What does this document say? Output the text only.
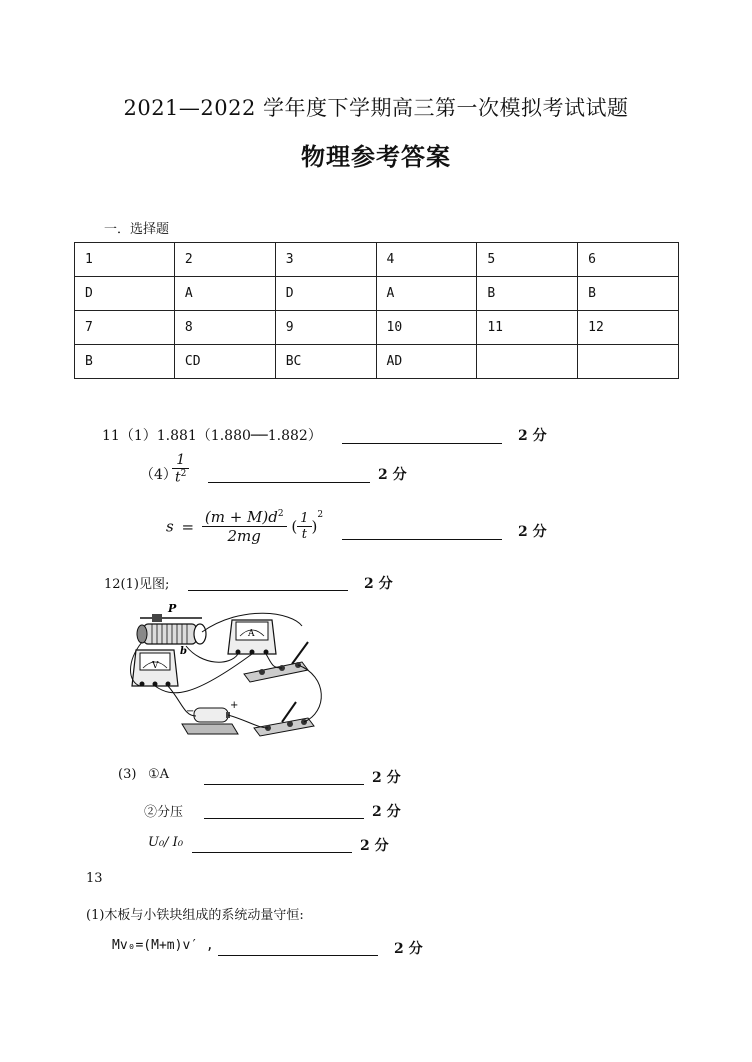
2021—2022 学年度下学期高三第一次模拟考试试题
物理参考答案
一．选择题
1	2	3	4	5	6
D	A	D	A	B	B
7	8	9	10	11	12
B	CD	BC	AD		
11（1）1.881（1.880──1.882）	2 分
（4）
$\frac{1}{t^2}$	2 分
$s = \frac{(m + M)d^2}{2mg}$ ( $\frac{1}{t} )^2$
2 分
12(1)见图;	2 分
P
b
A
V
−
+
(3) ①A	2 分
②分压	2 分
U₀/ I₀	2 分
13
(1)木板与小铁块组成的系统动量守恒:
Mv₀=(M+m)v′ ,	2 分
